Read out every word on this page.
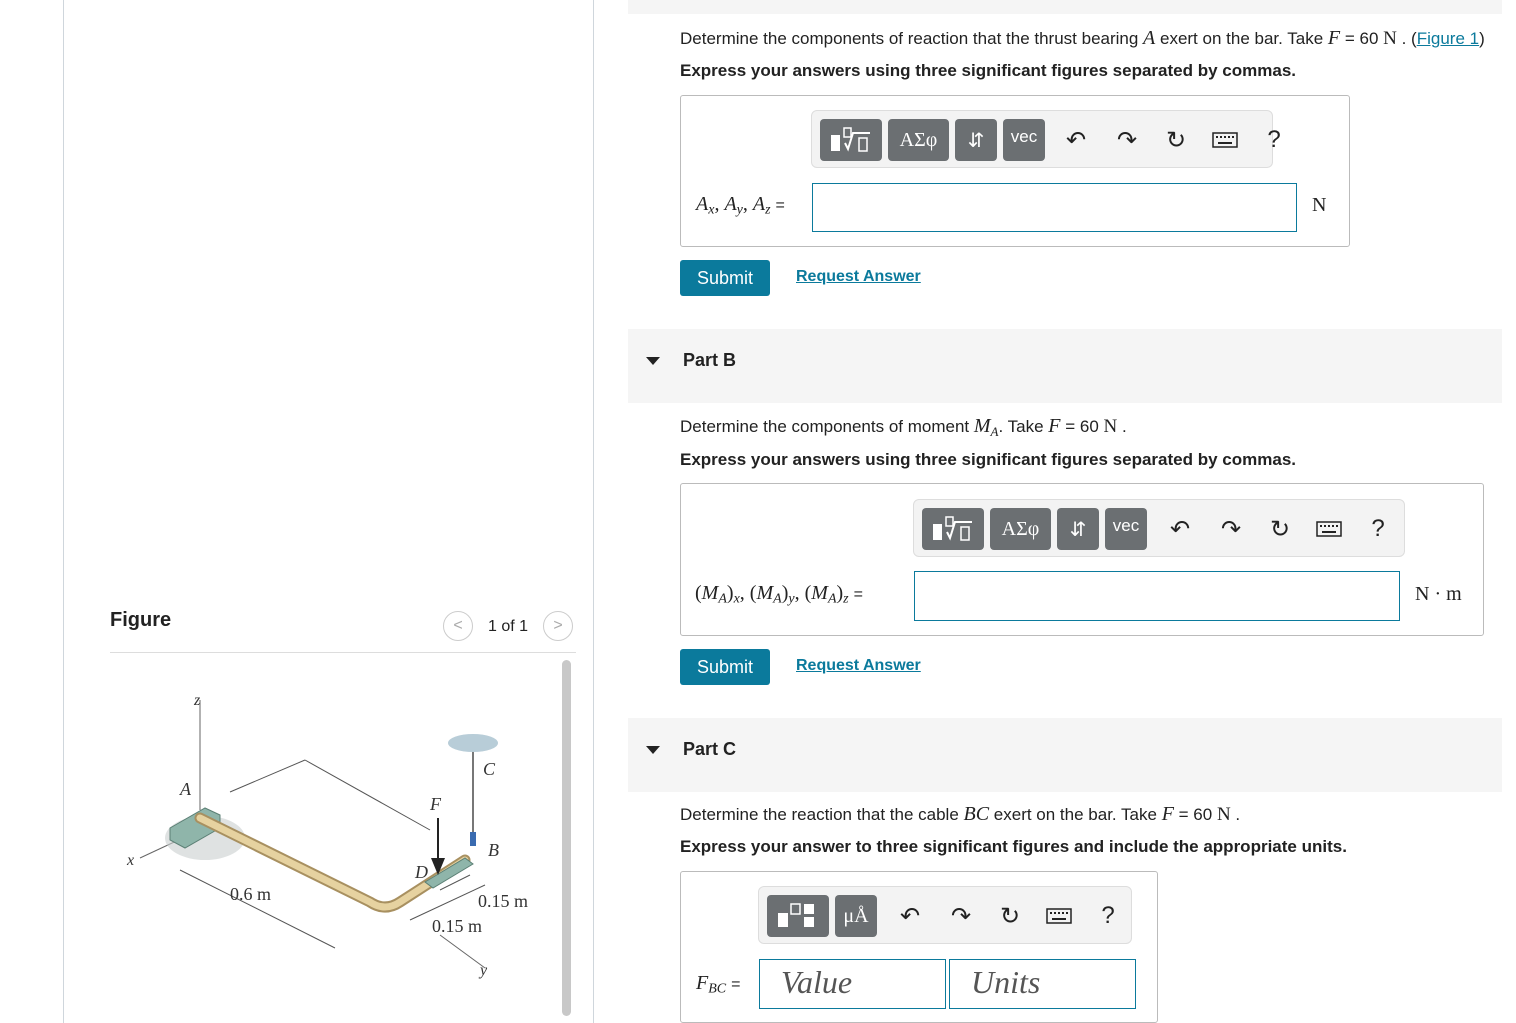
Determine the components of reaction that the thrust bearing A exert on the bar. Take F = 60 N . (Figure 1)
Express your answers using three significant figures separated by commas.
ΑΣφ	⇵	vec	↶ ↷ ↻	?
$A_x$, $A_y$, $A_z$ =	N
Submit	Request Answer
Part B
Determine the components of moment $M_A$. Take F = 60 N .
Express your answers using three significant figures separated by commas.
ΑΣφ	⇵	vec	↶ ↷ ↻	?
$(M_A)_x$, $(M_A)_y$, $(M_A)_z$ =	N · m
Submit	Request Answer
Part C
Determine the reaction that the cable BC exert on the bar. Take F = 60 N .
Express your answer to three significant figures and include the appropriate units.
μÅ	↶ ↷ ↻	?
$F_{BC}$ = Value	Units
Figure	<	1 of 1	>
z
x
y
0.6 m	0.15 m
0.15 m
A
C
B
F
D
